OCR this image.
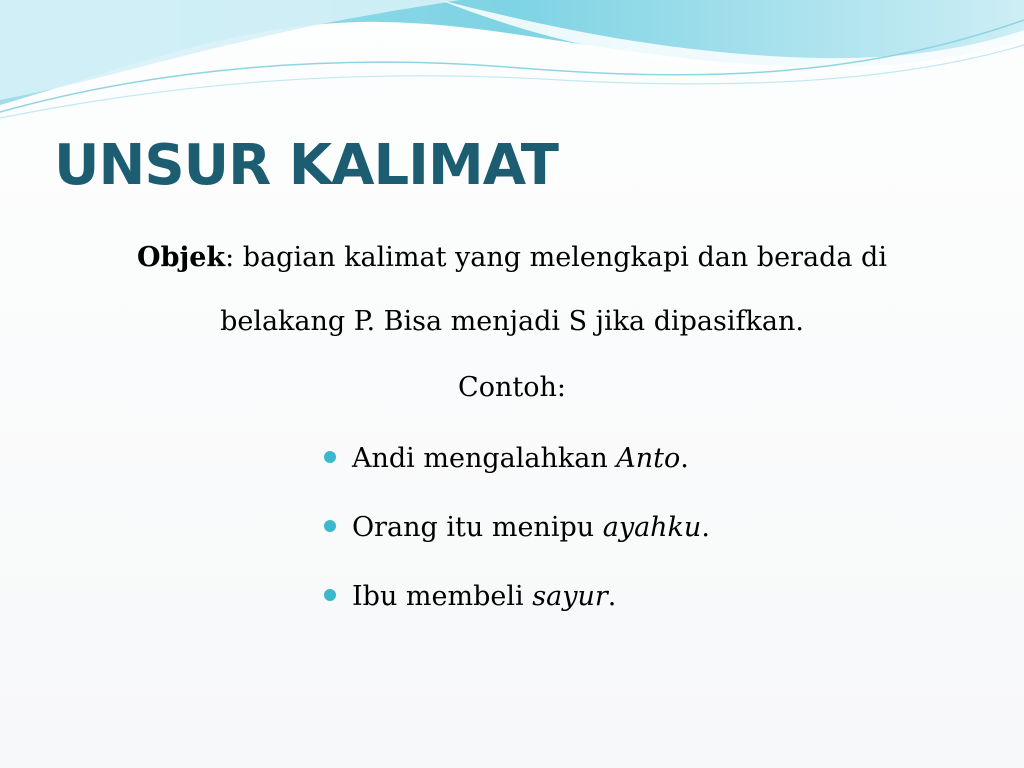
UNSUR KALIMAT

Objek: bagian kalimat yang melengkapi dan berada di belakang P. Bisa menjadi S jika dipasifkan.

Contoh:

Andi mengalahkan Anto.
Orang itu menipu ayahku.
Ibu membeli sayur.
